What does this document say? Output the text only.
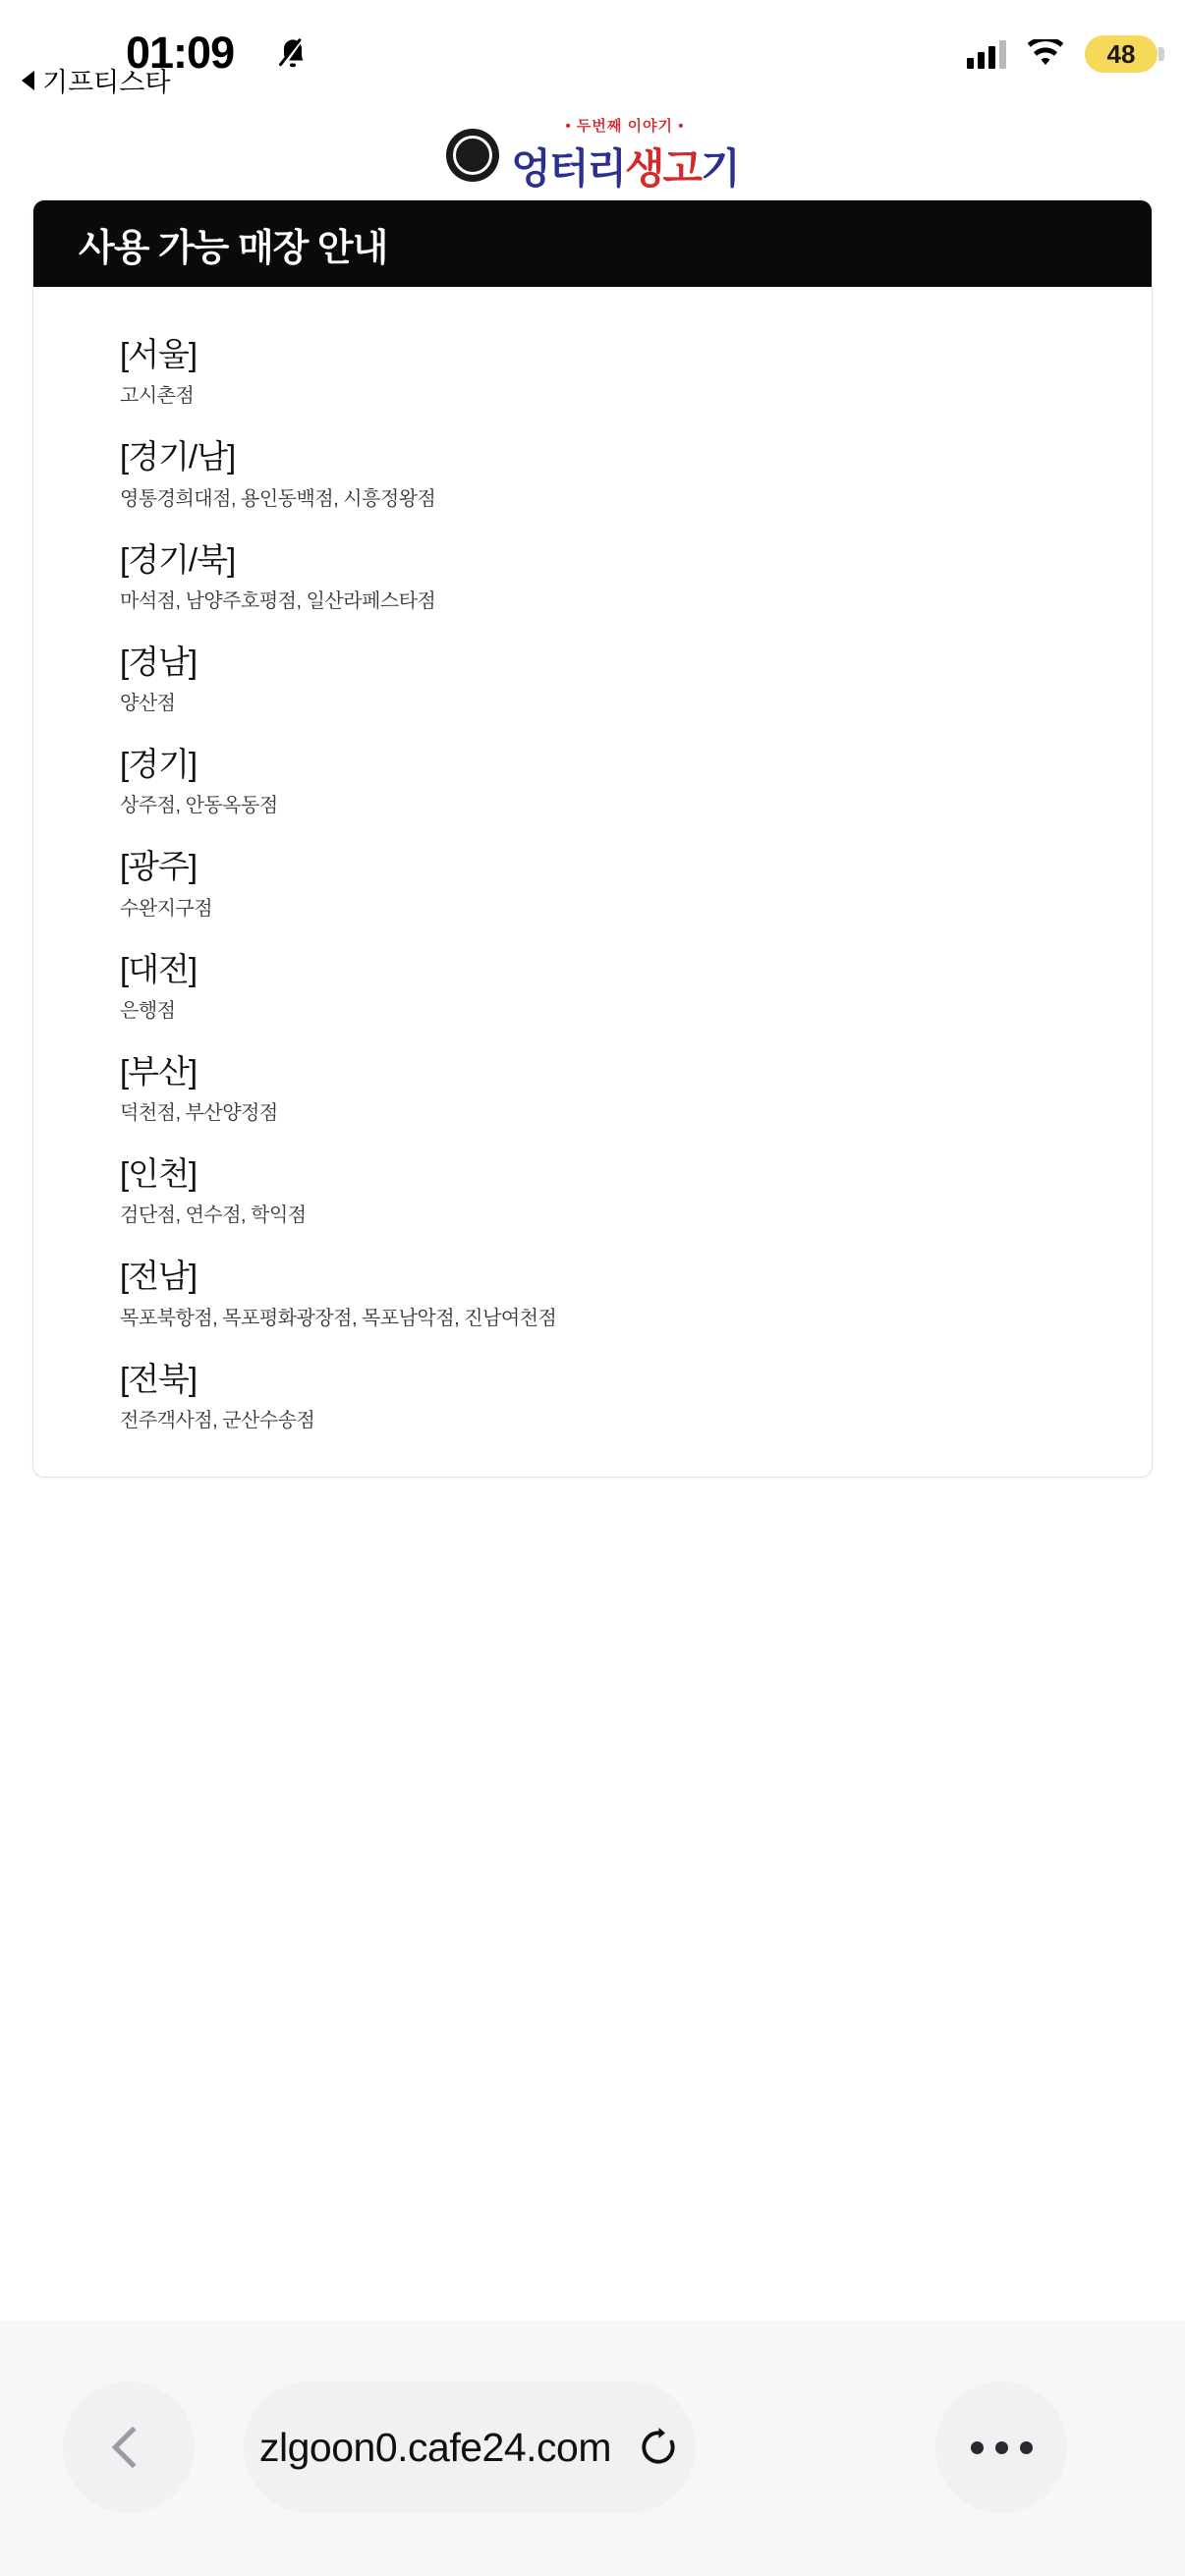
01:09
기프티스타
48
• 두번째 이야기 •
엉터리생고기
사용 가능 매장 안내
[서울]
고시촌점
[경기/남]
영통경희대점, 용인동백점, 시흥정왕점
[경기/북]
마석점, 남양주호평점, 일산라페스타점
[경남]
양산점
[경기]
상주점, 안동옥동점
[광주]
수완지구점
[대전]
은행점
[부산]
덕천점, 부산양정점
[인천]
검단점, 연수점, 학익점
[전남]
목포북항점, 목포평화광장점, 목포남악점, 진남여천점
[전북]
전주객사점, 군산수송점
zlgoon0.cafe24.com
